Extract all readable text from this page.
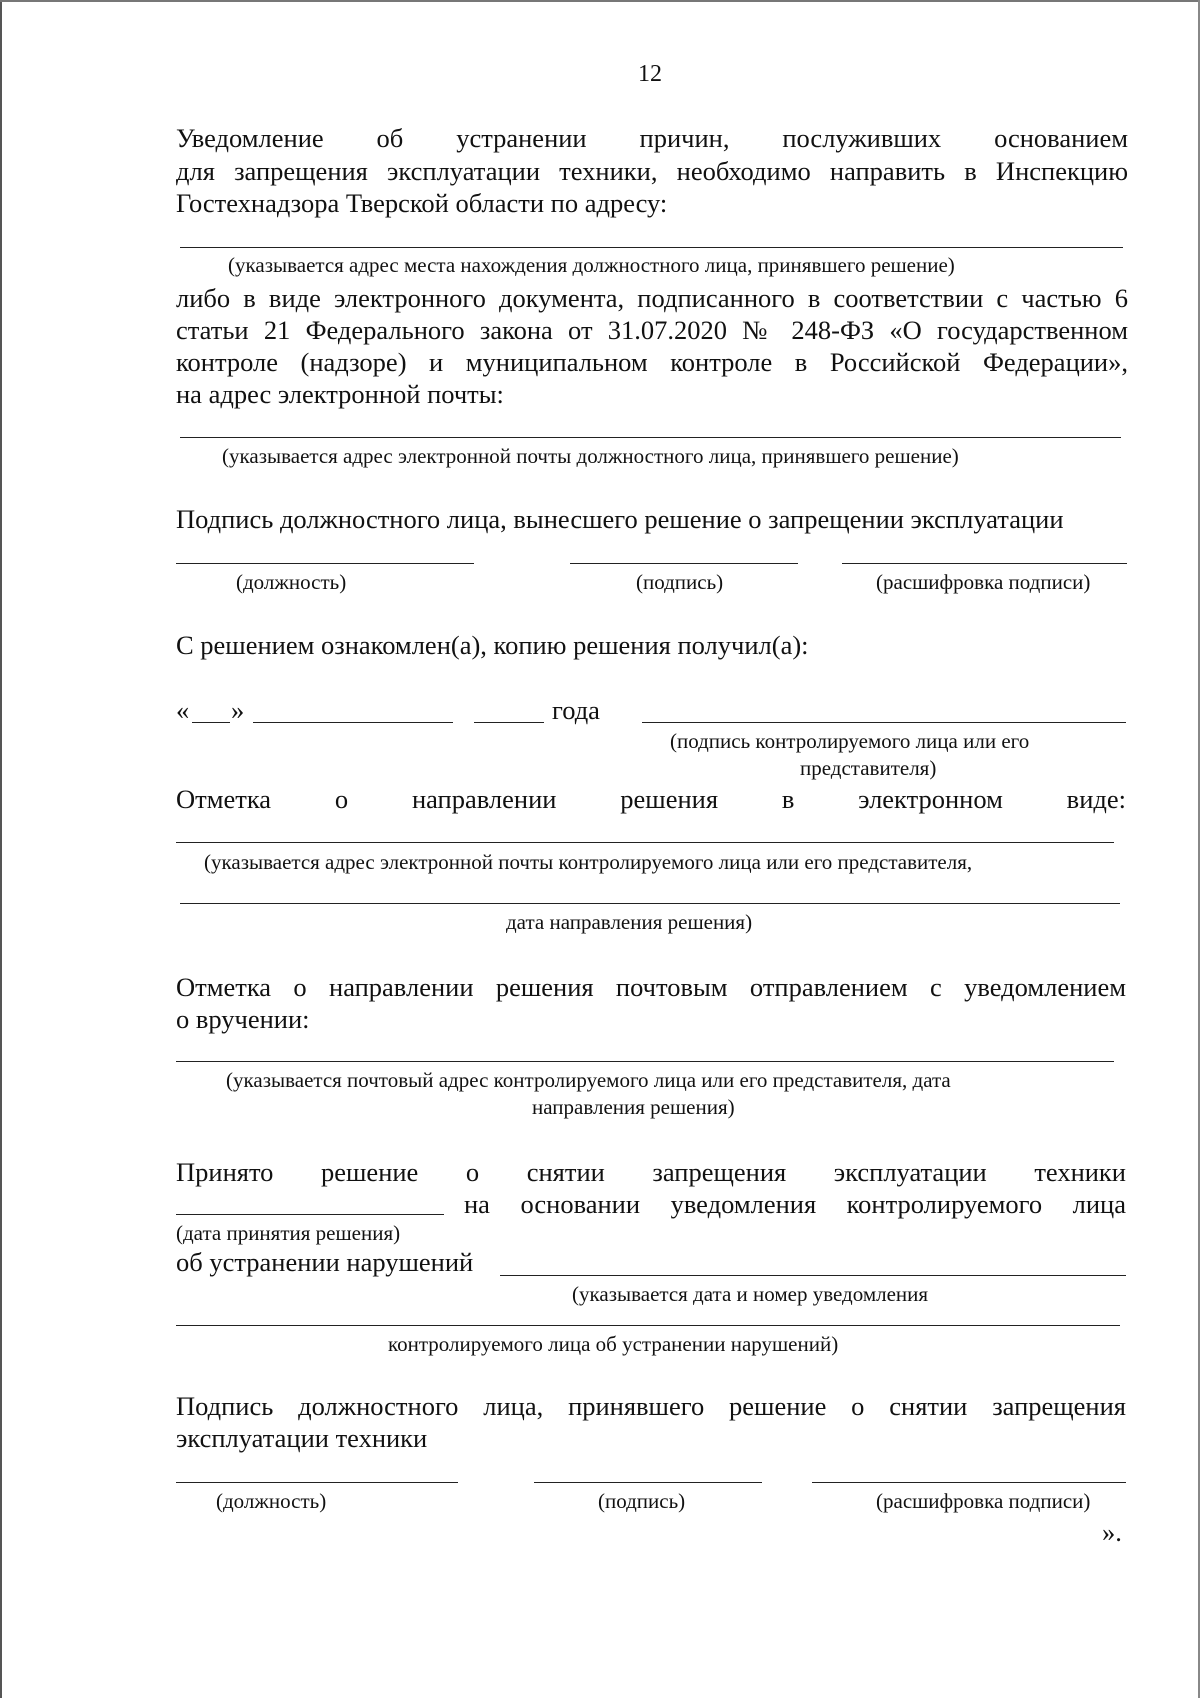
12
Уведомление об устранении причин, послуживших основанием
для запрещения эксплуатации техники, необходимо направить в Инспекцию
Гостехнадзора Тверской области по адресу:
(указывается адрес места нахождения должностного лица, принявшего решение)
либо в виде электронного документа, подписанного в соответствии с частью 6
статьи 21 Федерального закона от 31.07.2020 № 248-ФЗ «О государственном
контроле (надзоре) и муниципальном контроле в Российской Федерации»,
на адрес электронной почты:
(указывается адрес электронной почты должностного лица, принявшего решение)
Подпись должностного лица, вынесшего решение о запрещении эксплуатации
(должность)	(подпись)	(расшифровка подписи)
С решением ознакомлен(а), копию решения получил(а):
« »	года
(подпись контролируемого лица или его
представителя)
Отметка о направлении решения в электронном виде:
(указывается адрес электронной почты контролируемого лица или его представителя,
дата направления решения)
Отметка о направлении решения почтовым отправлением с уведомлением
о вручении:
(указывается почтовый адрес контролируемого лица или его представителя, дата
направления решения)
Принято решение о снятии запрещения эксплуатации техники
на основании уведомления контролируемого лица
(дата принятия решения)
об устранении нарушений
(указывается дата и номер уведомления
контролируемого лица об устранении нарушений)
Подпись должностного лица, принявшего решение о снятии запрещения
эксплуатации техники
(должность)	(подпись)	(расшифровка подписи)
».
